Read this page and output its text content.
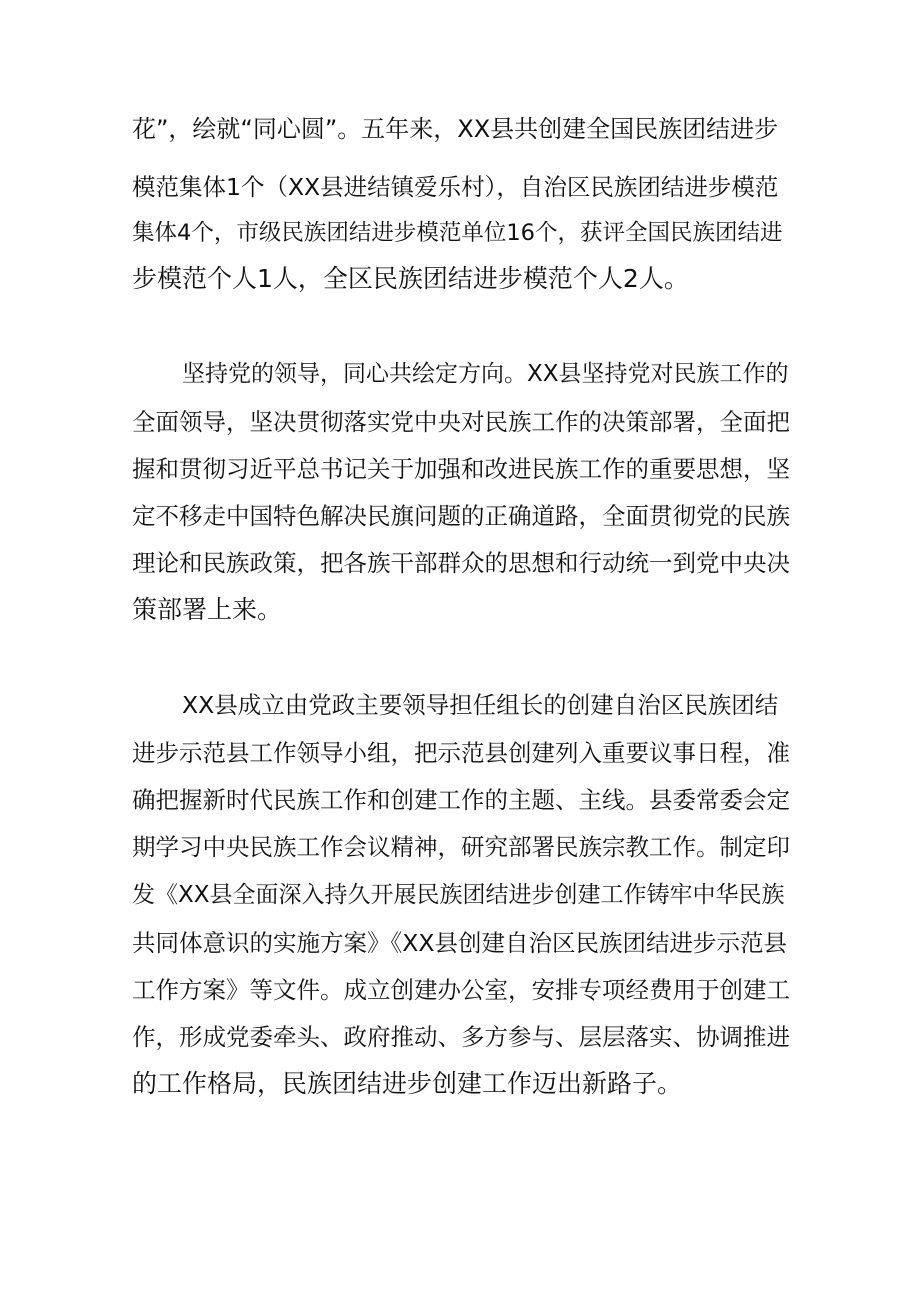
花”，绘就“同心圆”。五年来，XX县共创建全国民族团结进步
模范集体1个（XX县进结镇爱乐村），自治区民族团结进步模范
集体4个，市级民族团结进步模范单位16个，获评全国民族团结进
步模范个人1人，全区民族团结进步模范个人2人。
坚持党的领导，同心共绘定方向。XX县坚持党对民族工作的
全面领导，坚决贯彻落实党中央对民族工作的决策部署，全面把
握和贯彻习近平总书记关于加强和改进民族工作的重要思想，坚
定不移走中国特色解决民旗问题的正确道路，全面贯彻党的民族
理论和民族政策，把各族干部群众的思想和行动统一到党中央决
策部署上来。
XX县成立由党政主要领导担任组长的创建自治区民族团结
进步示范县工作领导小组，把示范县创建列入重要议事日程，准
确把握新时代民族工作和创建工作的主题、主线。县委常委会定
期学习中央民族工作会议精神，研究部署民族宗教工作。制定印
发《XX县全面深入持久开展民族团结进步创建工作铸牢中华民族
共同体意识的实施方案》《XX县创建自治区民族团结进步示范县
工作方案》等文件。成立创建办公室，安排专项经费用于创建工
作，形成党委牵头、政府推动、多方参与、层层落实、协调推进
的工作格局，民族团结进步创建工作迈出新路子。
